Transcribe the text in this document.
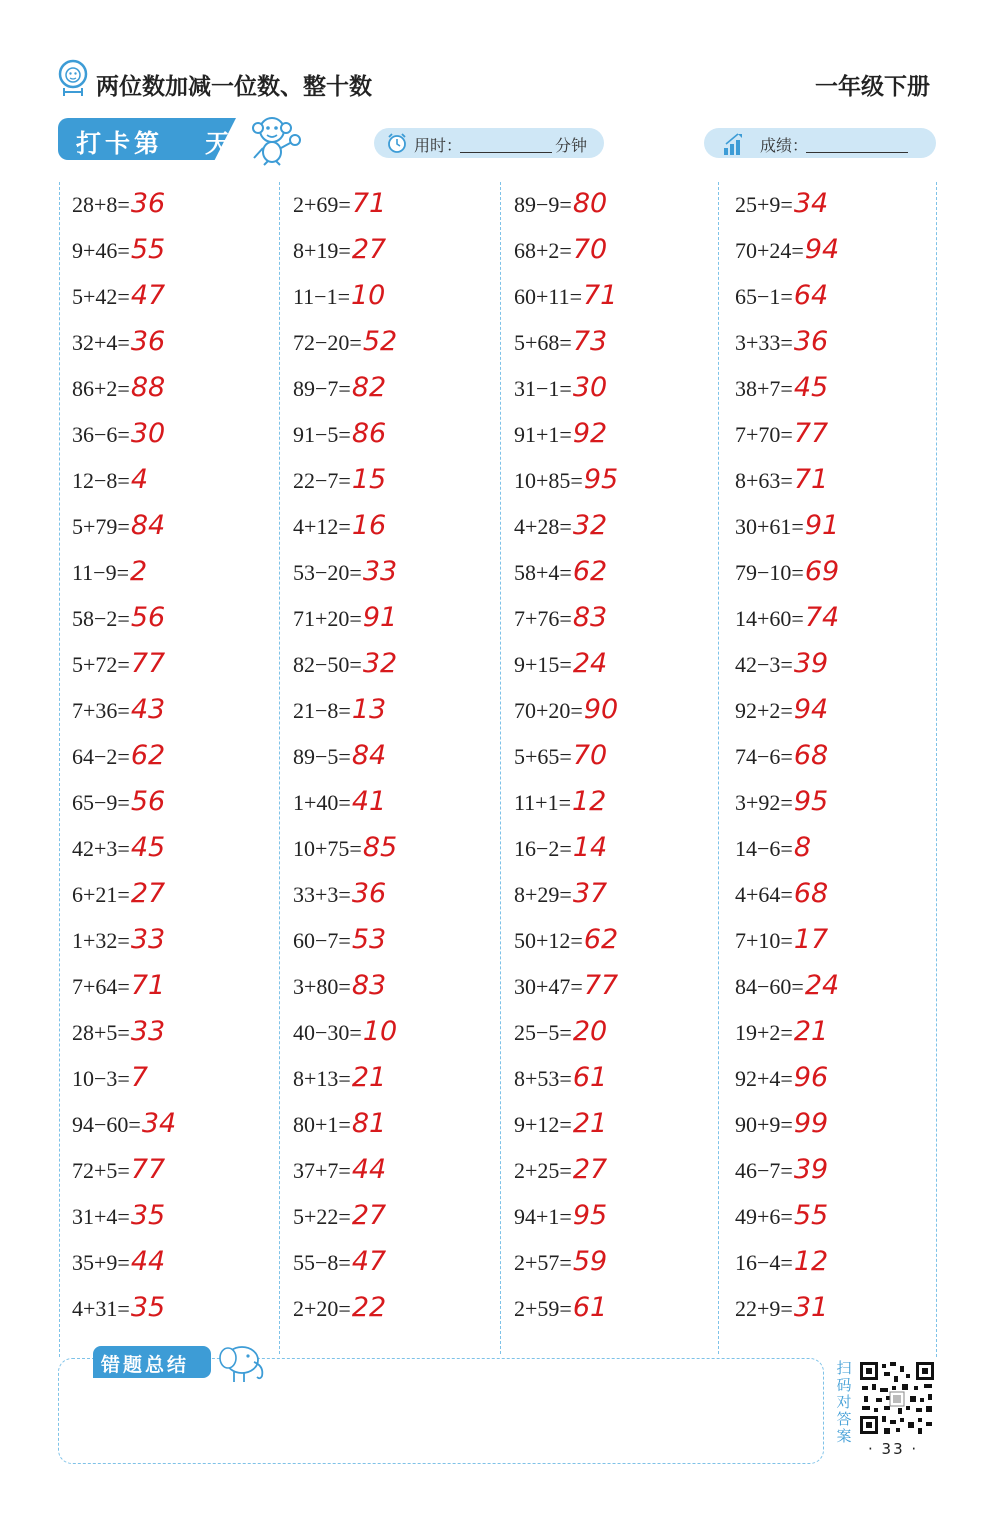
两位数加减一位数、整十数	一年级下册
打卡第 天	用时：	分钟	成绩：
28+8=36
9+46=55
5+42=47
32+4=36
86+2=88
36−6=30
12−8=4
5+79=84
11−9=2
58−2=56
5+72=77
7+36=43
64−2=62
65−9=56
42+3=45
6+21=27
1+32=33
7+64=71
28+5=33
10−3=7
94−60=34
72+5=77
31+4=35
35+9=44
4+31=35
2+69=71
8+19=27
11−1=10
72−20=52
89−7=82
91−5=86
22−7=15
4+12=16
53−20=33
71+20=91
82−50=32
21−8=13
89−5=84
1+40=41
10+75=85
33+3=36
60−7=53
3+80=83
40−30=10
8+13=21
80+1=81
37+7=44
5+22=27
55−8=47
2+20=22
89−9=80
68+2=70
60+11=71
5+68=73
31−1=30
91+1=92
10+85=95
4+28=32
58+4=62
7+76=83
9+15=24
70+20=90
5+65=70
11+1=12
16−2=14
8+29=37
50+12=62
30+47=77
25−5=20
8+53=61
9+12=21
2+25=27
94+1=95
2+57=59
2+59=61
25+9=34
70+24=94
65−1=64
3+33=36
38+7=45
7+70=77
8+63=71
30+61=91
79−10=69
14+60=74
42−3=39
92+2=94
74−6=68
3+92=95
14−6=8
4+64=68
7+10=17
84−60=24
19+2=21
92+4=96
90+9=99
46−7=39
49+6=55
16−4=12
22+9=31
错题总结	扫码对答案
· 33 ·
